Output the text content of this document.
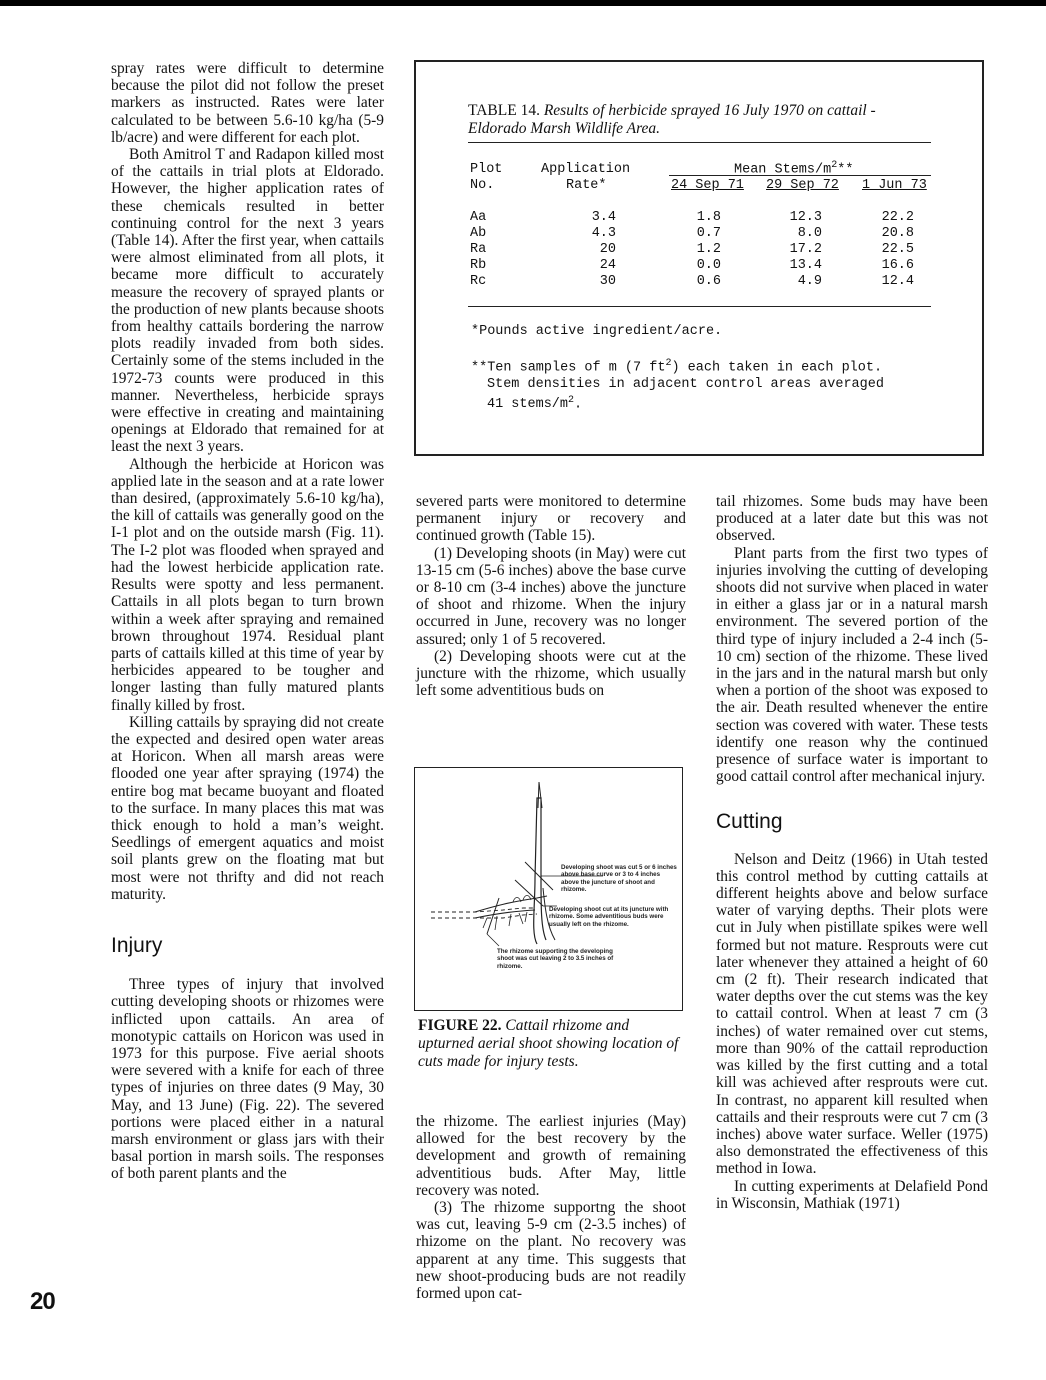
spray rates were difficult to determine because the pilot did not follow the preset markers as instructed. Rates were later calculated to be between 5.6-10 kg/ha (5-9 lb/acre) and were different for each plot.

Both Amitrol T and Radapon killed most of the cattails in trial plots at Eldorado. However, the higher application rates of these chemicals resulted in better continuing control for the next 3 years (Table 14). After the first year, when cattails were almost eliminated from all plots, it became more difficult to accurately measure the recovery of sprayed plants or the production of new plants because shoots from healthy cattails bordering the narrow plots readily invaded from both sides. Certainly some of the stems included in the 1972-73 counts were produced in this manner. Nevertheless, herbicide sprays were effective in creating and maintaining openings at Eldorado that remained for at least the next 3 years.

Although the herbicide at Horicon was applied late in the season and at a rate lower than desired, (approximately 5.6-10 kg/ha), the kill of cattails was generally good on the I-1 plot and on the outside marsh (Fig. 11). The I-2 plot was flooded when sprayed and had the lowest herbicide application rate. Results were spotty and less permanent. Cattails in all plots began to turn brown within a week after spraying and remained brown throughout 1974. Residual plant parts of cattails killed at this time of year by herbicides appeared to be tougher and longer lasting than fully matured plants finally killed by frost.

Killing cattails by spraying did not create the expected and desired open water areas at Horicon. When all marsh areas were flooded one year after spraying (1974) the entire bog mat became buoyant and floated to the surface. In many places this mat was thick enough to hold a man’s weight. Seedlings of emergent aquatics and moist soil plants grew on the floating mat but most were not thrifty and did not reach maturity.

Injury

Three types of injury that involved cutting developing shoots or rhizomes were inflicted upon cattails. An area of monotypic cattails on Horicon was used in 1973 for this purpose. Five aerial shoots were severed with a knife for each of three types of injuries on three dates (9 May, 30 May, and 13 June) (Fig. 22). The severed portions were placed either in a natural marsh environment or glass jars with their basal portion in marsh soils. The responses of both parent plants and the

severed parts were monitored to determine permanent injury or recovery and continued growth (Table 15).

(1) Developing shoots (in May) were cut 13-15 cm (5-6 inches) above the base curve or 8-10 cm (3-4 inches) above the juncture of shoot and rhizome. When the injury occurred in June, recovery was no longer assured; only 1 of 5 recovered.

(2) Developing shoots were cut at the juncture with the rhizome, which usually left some adventitious buds on

the rhizome. The earliest injuries (May) allowed for the best recovery by the development and growth of remaining adventitious buds. After May, little recovery was noted.

(3) The rhizome supportng the shoot was cut, leaving 5-9 cm (2-3.5 inches) of rhizome on the plant. No recovery was apparent at any time. This suggests that new shoot-producing buds are not readily formed upon cat-

tail rhizomes. Some buds may have been produced at a later date but this was not observed.

Plant parts from the first two types of injuries involving the cutting of developing shoots did not survive when placed in water in either a glass jar or in a natural marsh environment. The severed portion of the third type of injury included a 2-4 inch (5-10 cm) section of the rhizome. These lived in the jars and in the natural marsh but only when a portion of the shoot was exposed to the air. Death resulted whenever the entire section was covered with water. These tests identify one reason why the continued presence of surface water is important to good cattail control after mechanical injury.

Cutting

Nelson and Deitz (1966) in Utah tested this control method by cutting cattails at different heights above and below surface water of varying depths. Their plots were cut in July when pistillate spikes were well formed but not mature. Resprouts were cut later whenever they attained a height of 60 cm (2 ft). Their research indicated that water depths over the cut stems was the key to cattail control. When at least 7 cm (3 inches) of water remained over cut stems, more than 90% of the cattail reproduction was killed by the first cutting and a total kill was achieved after resprouts were cut. In contrast, no apparent kill resulted when cattails and their resprouts were cut 7 cm (3 inches) above water surface. Weller (1975) also demonstrated the effectiveness of this method in Iowa.

In cutting experiments at Delafield Pond in Wisconsin, Mathiak (1971)

20
TABLE 14. Results of herbicide sprayed 16 July 1970 on cattail - Eldorado Marsh Wildlife Area.
Plot
No.
Application
Rate*
Mean Stems/$m^2**$
24 Sep 71 29 Sep 72 1 Jun 73
Aa	3.4	1.8	12.3	22.2
Ab	4.3	0.7	8.0	20.8
Ra	20	1.2	17.2	22.5
Rb	24	0.0	13.4	16.6
Rc	30	0.6	4.9	12.4
*Pounds active ingredient/acre.
**Ten samples of m (7 $ft^2$) each taken in each plot.
Stem densities in adjacent control areas averaged
41 stems/$m^2$.
Developing shoot was cut 5 or 6 inches above base curve or 3 to 4 inches above the juncture of shoot and rhizome.
Developing shoot cut at its juncture with rhizome. Some adventitious buds were usually left on the rhizome.
The rhizome supporting the developing shoot was cut leaving 2 to 3.5 inches of rhizome.
FIGURE 22. Cattail rhizome and upturned aerial shoot showing location of cuts made for injury tests.
